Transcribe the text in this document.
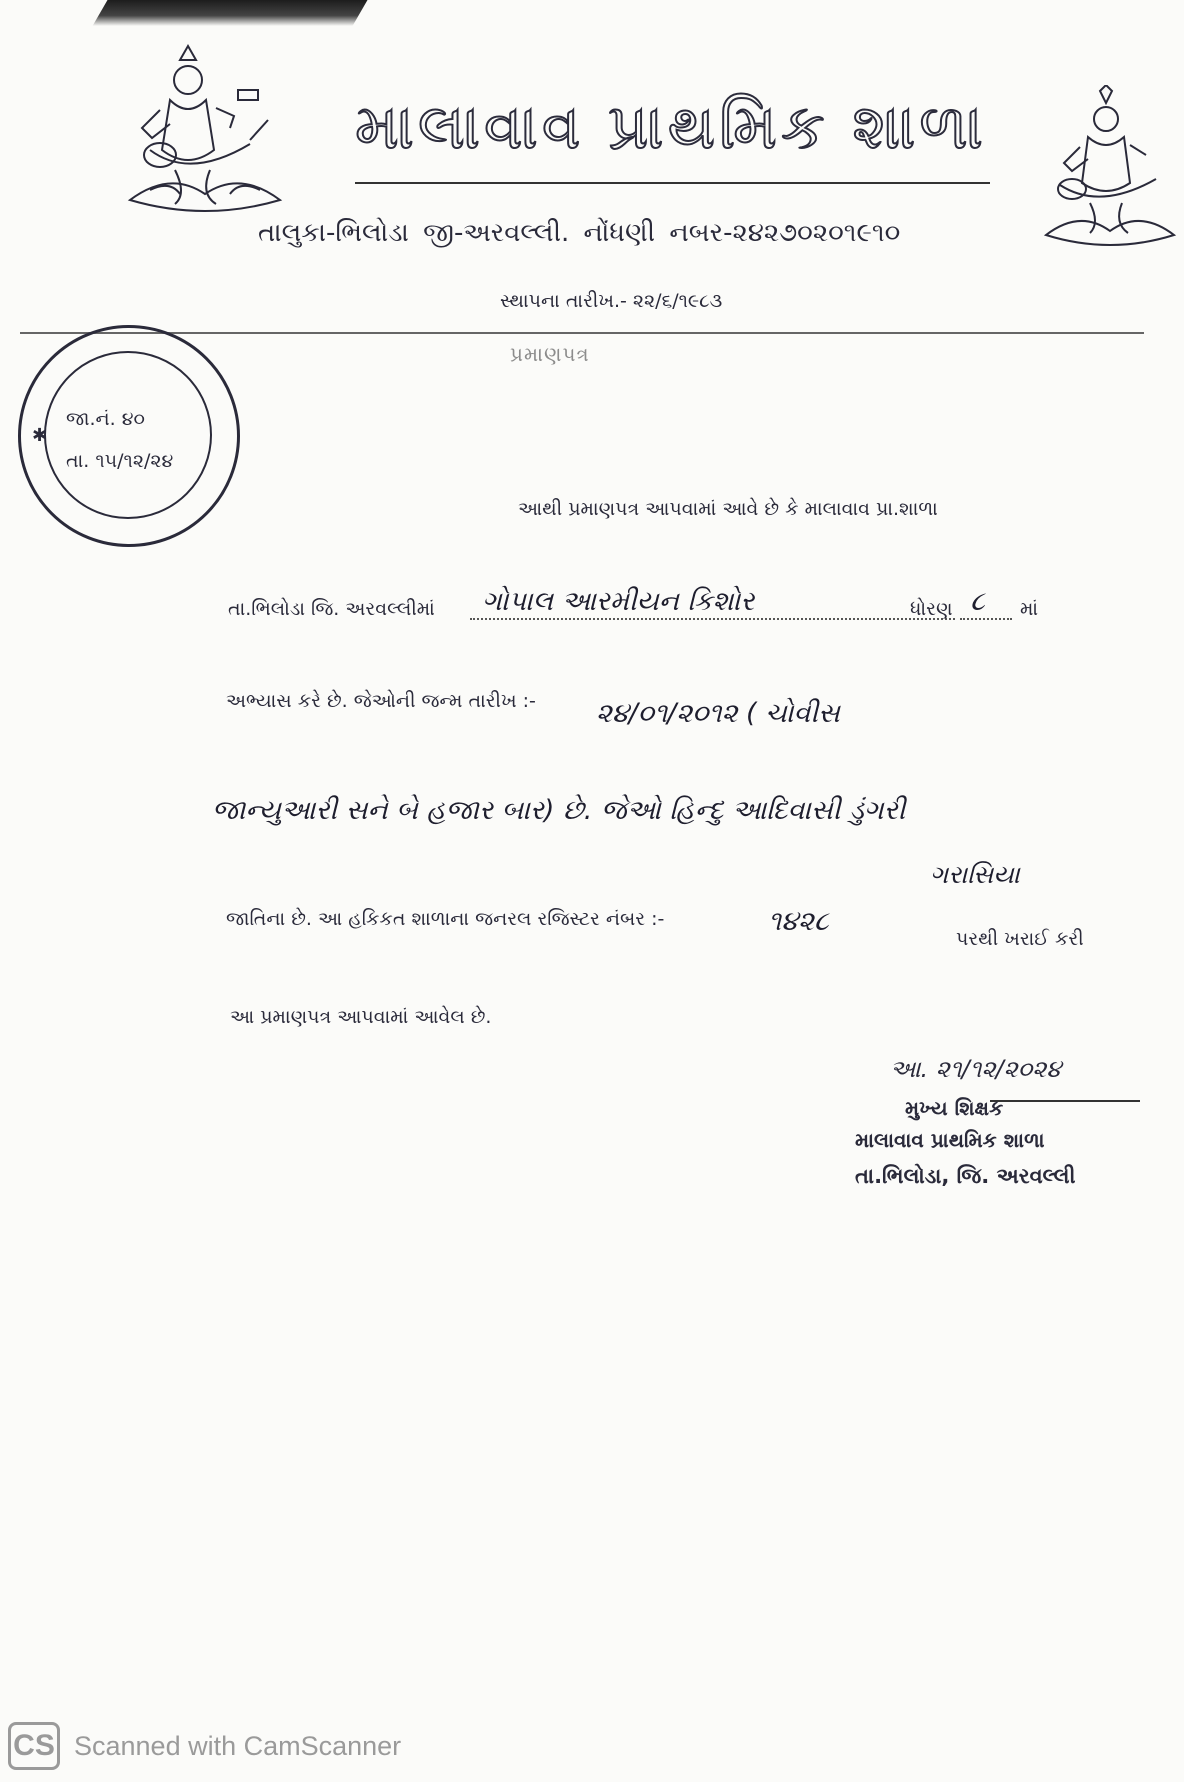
માલાવાવ પ્રાથમિક શાળા
તાલુકા-ભિલોડા જી-અરવલ્લી. નોંધણી નબર-૨૪૨૭૦૨૦૧૯૧૦
સ્થાપના તારીખ.- ૨૨/૬/૧૯૮૩
પ્રમાણપત્ર
✱
જા.નં. ૪૦
તા. ૧૫/૧૨/૨૪
આથી પ્રમાણપત્ર આપવામાં આવે છે કે માલાવાવ પ્રા.શાળા
તા.ભિલોડા જિ. અરવલ્લીમાં ગોપાલ આરમીયન કિશોર	ધોરણ ૮ માં
અભ્યાસ કરે છે. જેઓની જન્મ તારીખ :- ૨૪/૦૧/૨૦૧૨ ( ચોવીસ
જાન્યુઆરી સને બે હજાર બાર) છે. જેઓ હિન્દુ આદિવાસી ડુંગરી
ગરાસિયા
જાતિના છે. આ હકિકત શાળાના જનરલ રજિસ્ટર નંબર :-	૧૪૨૮
પરથી ખરાઈ કરી
આ પ્રમાણપત્ર આપવામાં આવેલ છે.
આ. ૨૧/૧૨/૨૦૨૪
મુખ્ય શિક્ષક
માલાવાવ પ્રાથમિક શાળા
તા.ભિલોડા, જિ. અરવલ્લી
CS Scanned with CamScanner
